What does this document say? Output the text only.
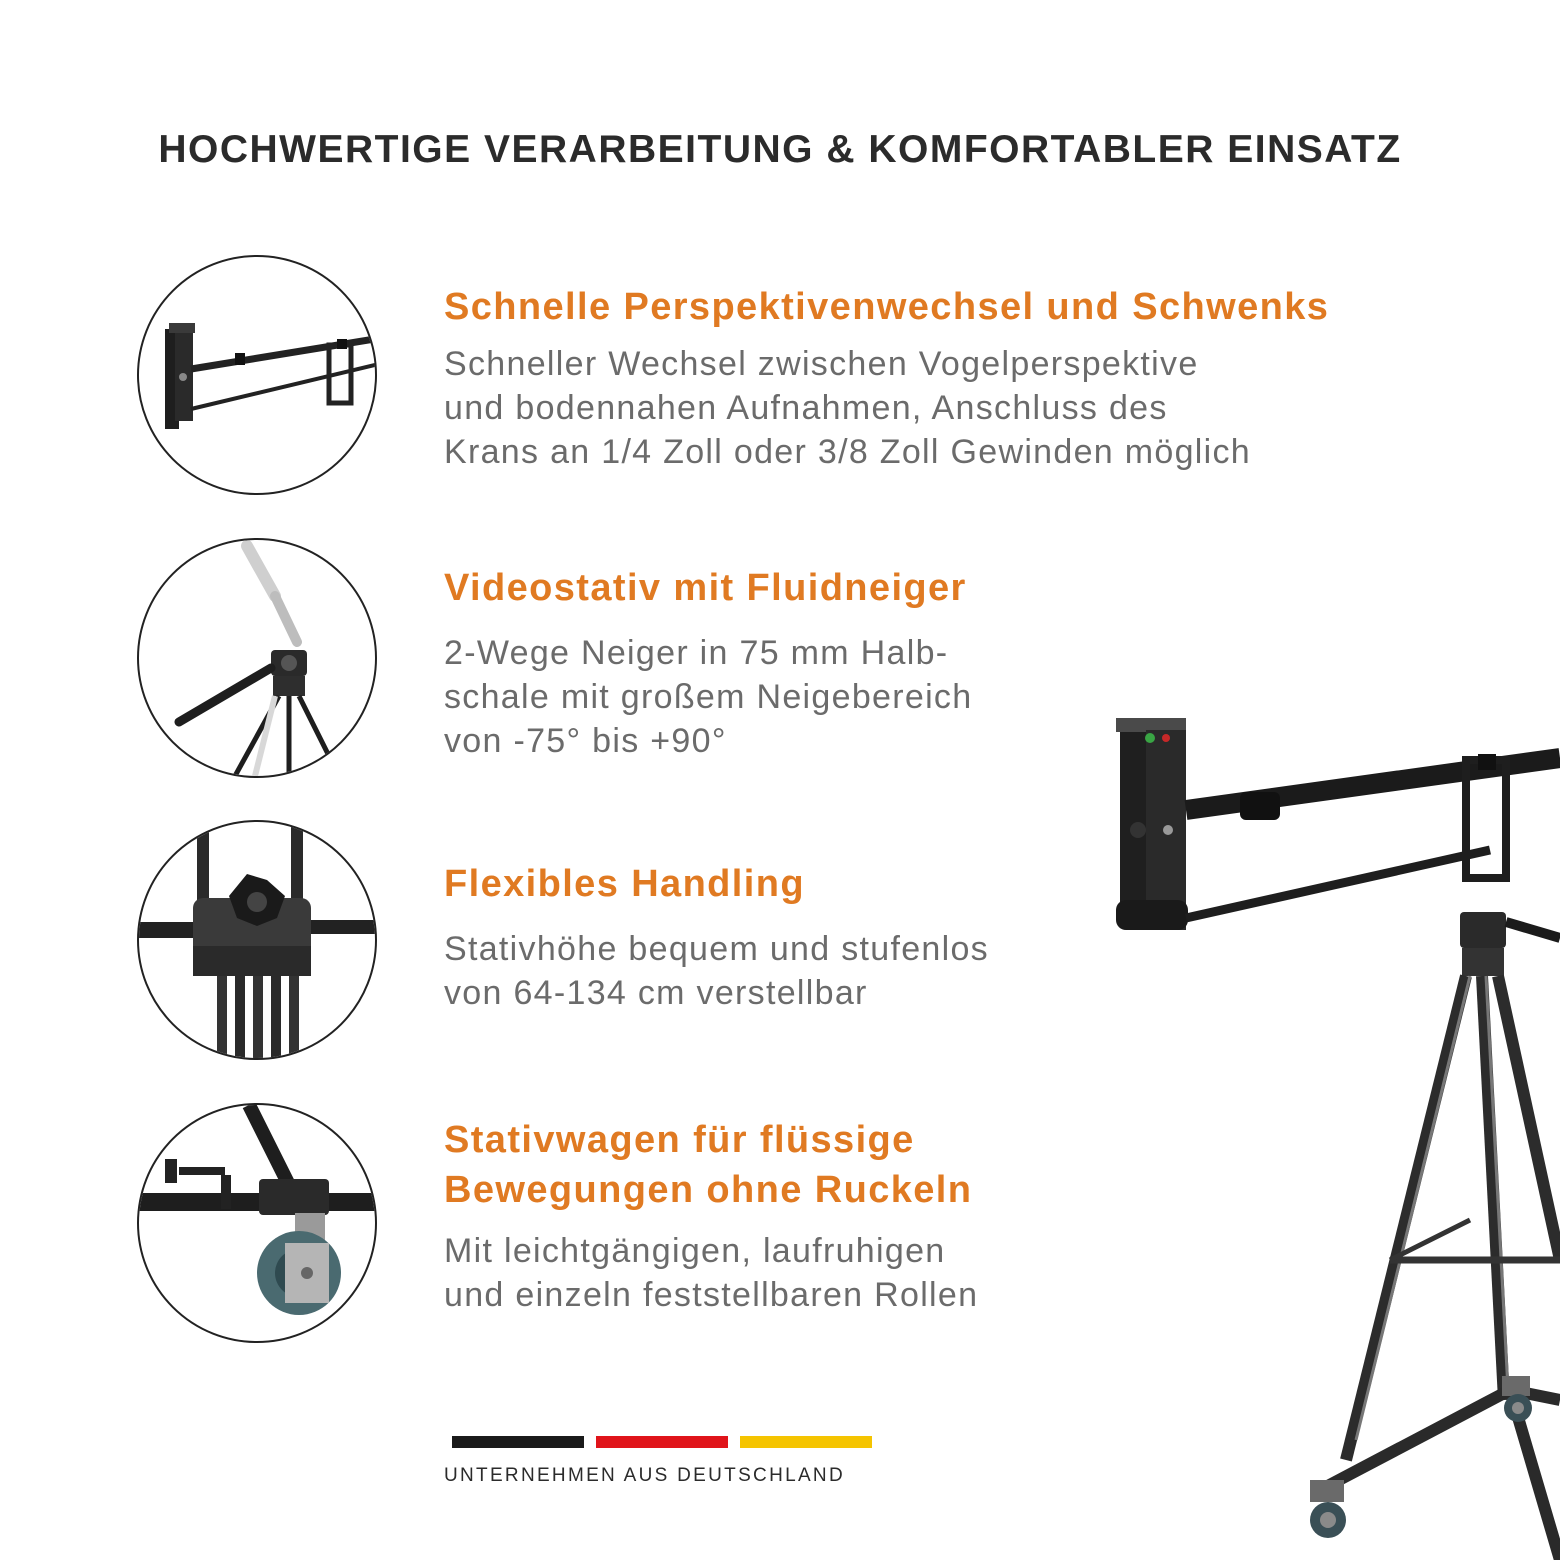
HOCHWERTIGE VERARBEITUNG & KOMFORTABLER EINSATZ
Schnelle Perspektivenwechsel und Schwenks

Schneller Wechsel zwischen Vogelperspektive
und bodennahen Aufnahmen, Anschluss des
Krans an 1/4 Zoll oder 3/8 Zoll Gewinden möglich

Videostativ mit Fluidneiger

2-Wege Neiger in 75 mm Halb-
schale mit großem Neigebereich
von -75° bis +90°

Flexibles Handling

Stativhöhe bequem und stufenlos
von 64-134 cm verstellbar

Stativwagen für flüssige
Bewegungen ohne Ruckeln

Mit leichtgängigen, laufruhigen
und einzeln feststellbaren Rollen

UNTERNEHMEN AUS DEUTSCHLAND
